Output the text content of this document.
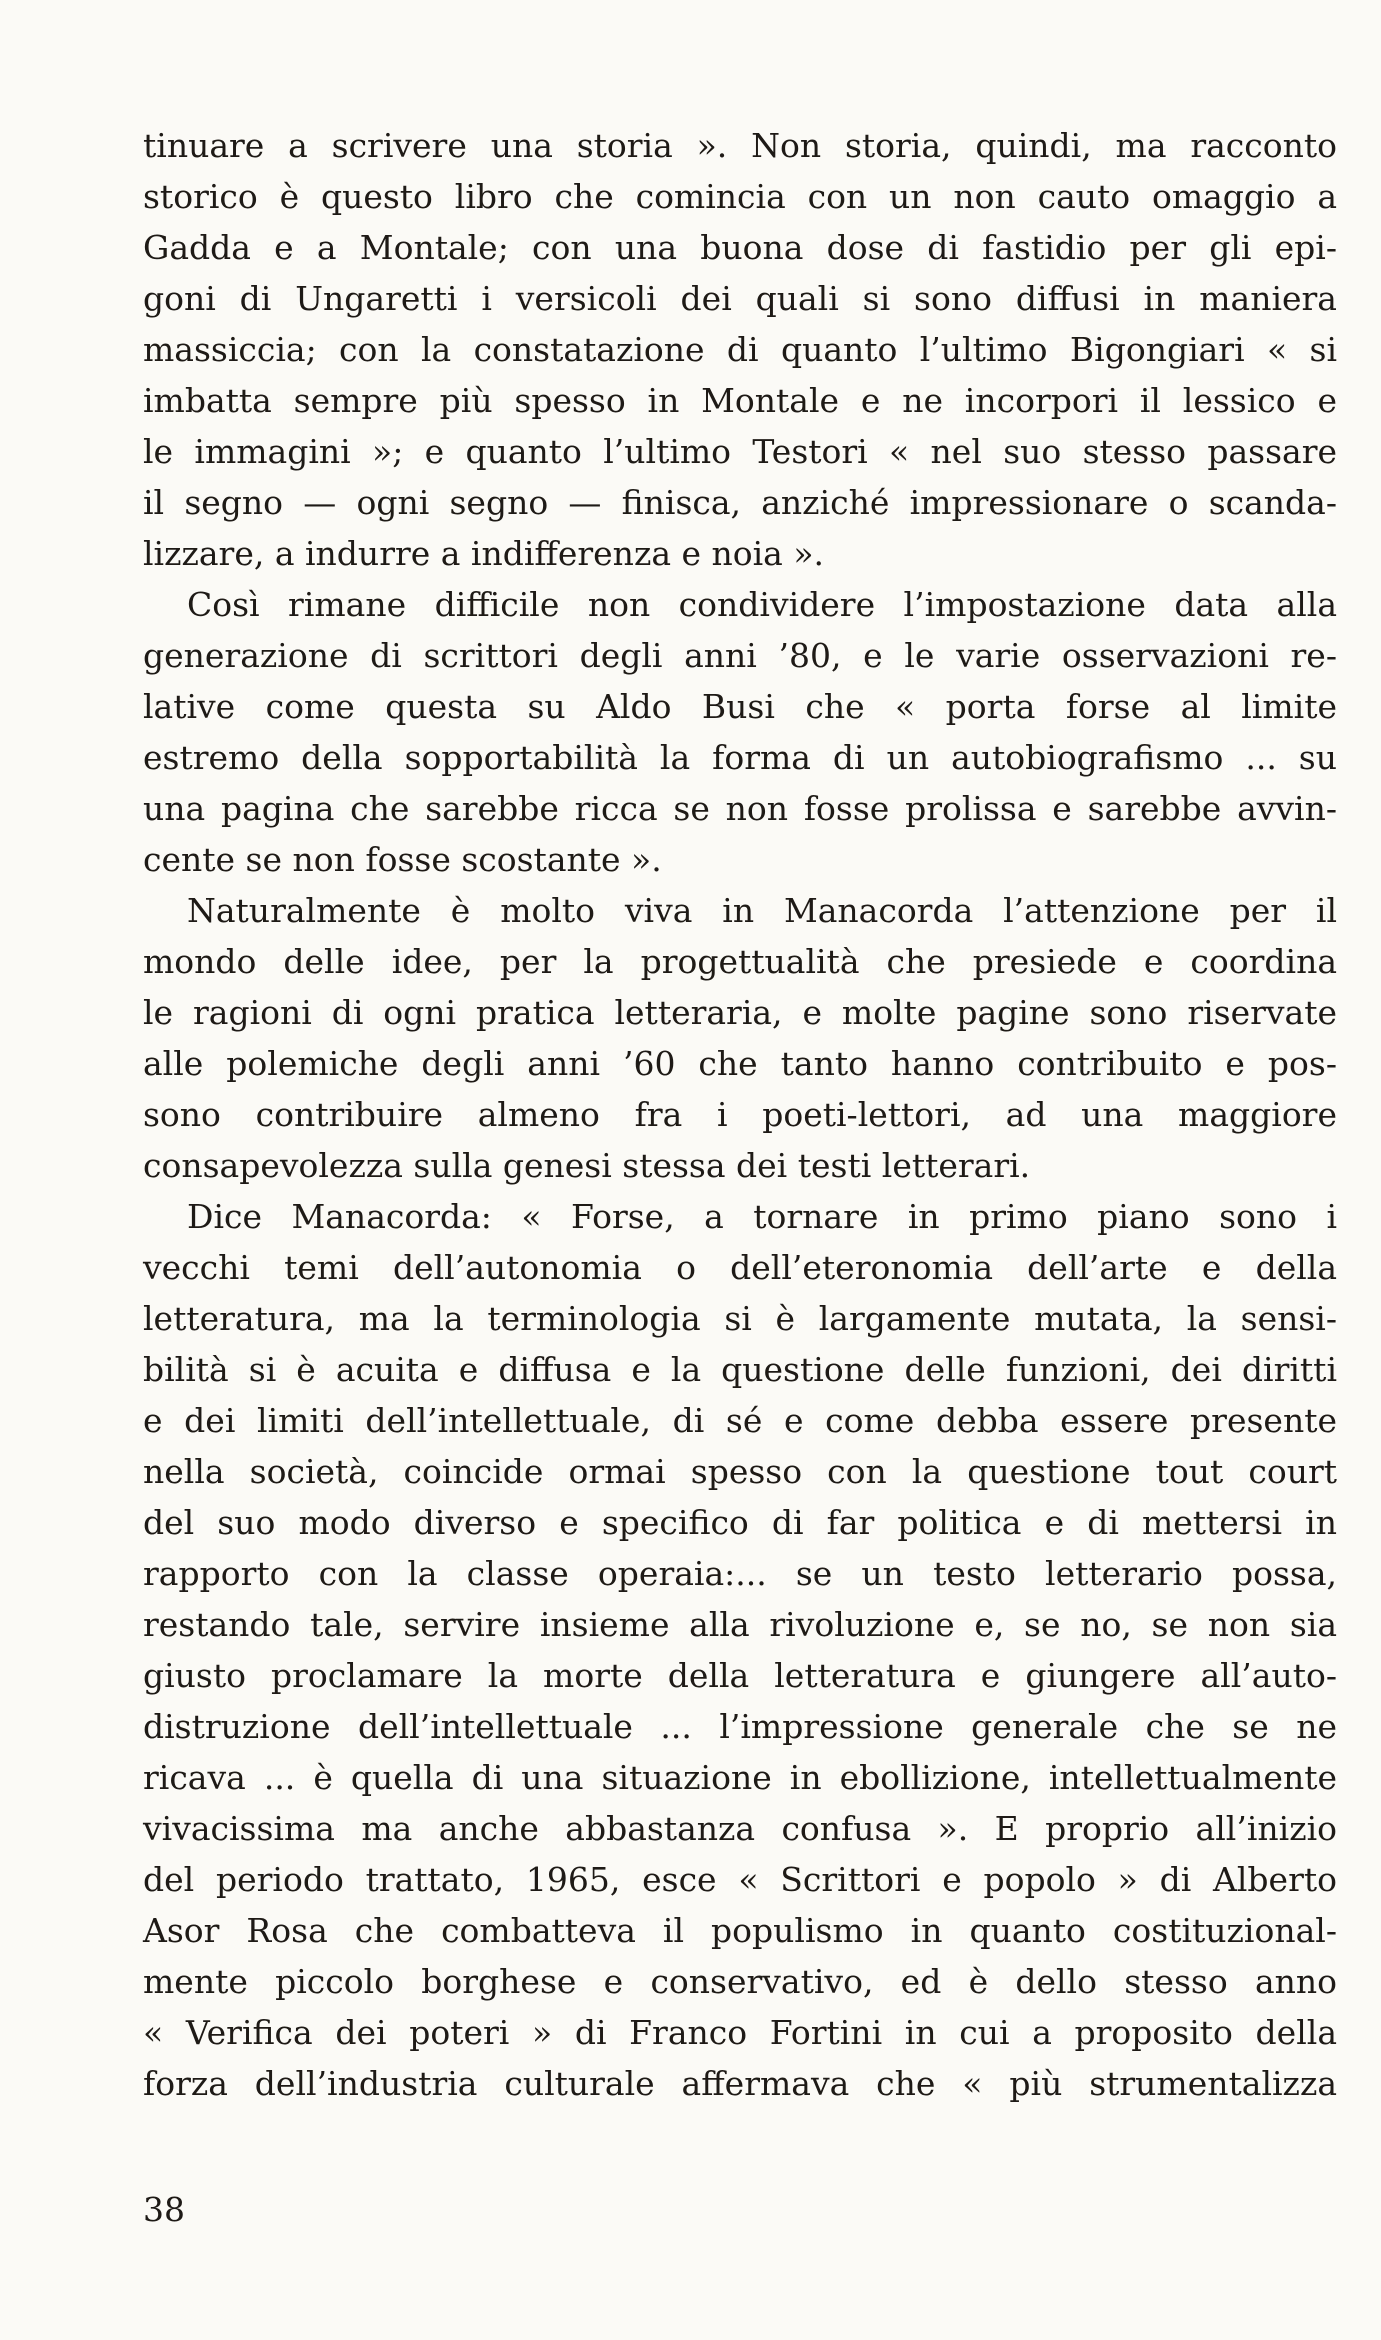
tinuare a scrivere una storia ». Non storia, quindi, ma racconto
storico è questo libro che comincia con un non cauto omaggio a
Gadda e a Montale; con una buona dose di fastidio per gli epi-
goni di Ungaretti i versicoli dei quali si sono diffusi in maniera
massiccia; con la constatazione di quanto l’ultimo Bigongiari « si
imbatta sempre più spesso in Montale e ne incorpori il lessico e
le immagini »; e quanto l’ultimo Testori « nel suo stesso passare
il segno — ogni segno — finisca, anziché impressionare o scanda-
lizzare, a indurre a indifferenza e noia ».
Così rimane difficile non condividere l’impostazione data alla
generazione di scrittori degli anni ’80, e le varie osservazioni re-
lative come questa su Aldo Busi che « porta forse al limite
estremo della sopportabilità la forma di un autobiografismo ... su
una pagina che sarebbe ricca se non fosse prolissa e sarebbe avvin-
cente se non fosse scostante ».
Naturalmente è molto viva in Manacorda l’attenzione per il
mondo delle idee, per la progettualità che presiede e coordina
le ragioni di ogni pratica letteraria, e molte pagine sono riservate
alle polemiche degli anni ’60 che tanto hanno contribuito e pos-
sono contribuire almeno fra i poeti-lettori, ad una maggiore
consapevolezza sulla genesi stessa dei testi letterari.
Dice Manacorda: « Forse, a tornare in primo piano sono i
vecchi temi dell’autonomia o dell’eteronomia dell’arte e della
letteratura, ma la terminologia si è largamente mutata, la sensi-
bilità si è acuita e diffusa e la questione delle funzioni, dei diritti
e dei limiti dell’intellettuale, di sé e come debba essere presente
nella società, coincide ormai spesso con la questione tout court
del suo modo diverso e specifico di far politica e di mettersi in
rapporto con la classe operaia:... se un testo letterario possa,
restando tale, servire insieme alla rivoluzione e, se no, se non sia
giusto proclamare la morte della letteratura e giungere all’auto-
distruzione dell’intellettuale ... l’impressione generale che se ne
ricava ... è quella di una situazione in ebollizione, intellettualmente
vivacissima ma anche abbastanza confusa ». E proprio all’inizio
del periodo trattato, 1965, esce « Scrittori e popolo » di Alberto
Asor Rosa che combatteva il populismo in quanto costituzional-
mente piccolo borghese e conservativo, ed è dello stesso anno
« Verifica dei poteri » di Franco Fortini in cui a proposito della
forza dell’industria culturale affermava che « più strumentalizza
38
